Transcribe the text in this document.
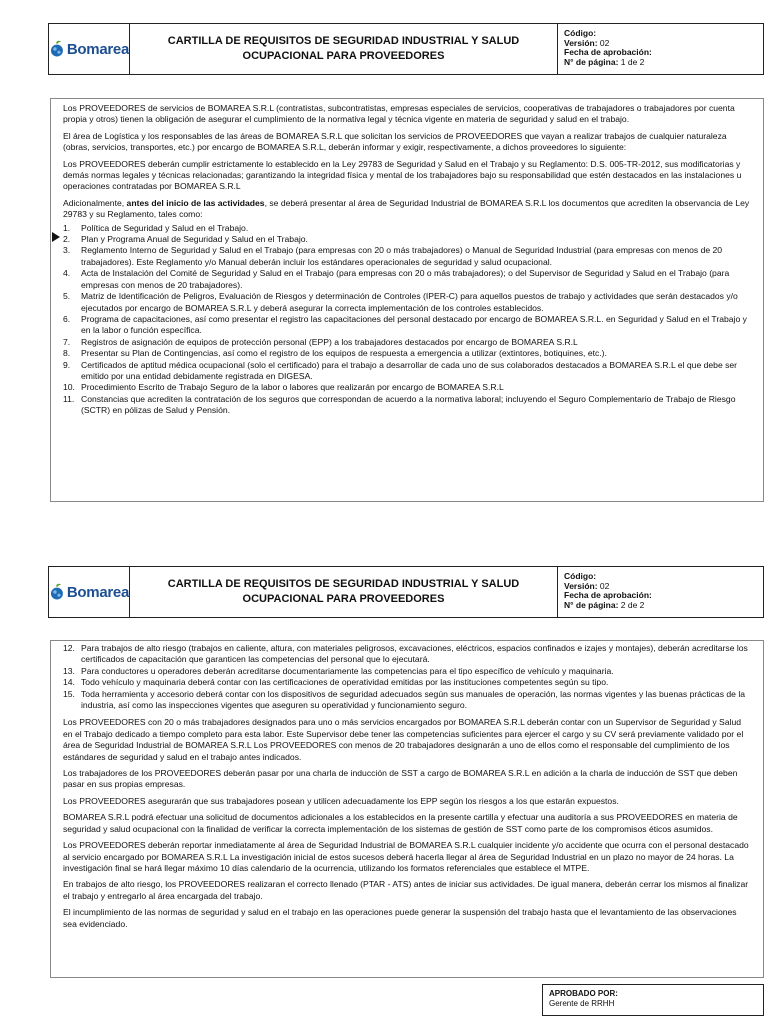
Bomarea	CARTILLA DE REQUISITOS DE SEGURIDAD INDUSTRIAL Y SALUD
OCUPACIONAL PARA PROVEEDORES
Código:
Versión: 02
Fecha de aprobación:
N° de página: 1 de 2

Los PROVEEDORES de servicios de BOMAREA S.R.L (contratistas, subcontratistas, empresas especiales de servicios, cooperativas de trabajadores o trabajadores por cuenta propia y otros) tienen la obligación de asegurar el cumplimiento de la normativa legal y técnica vigente en materia de seguridad y salud en el trabajo.

El área de Logística y los responsables de las áreas de BOMAREA S.R.L que solicitan los servicios de PROVEEDORES que vayan a realizar trabajos de cualquier naturaleza (obras, servicios, transportes, etc.) por encargo de BOMAREA S.R.L, deberán informar y exigir, respectivamente, a dichos proveedores lo siguiente:

Los PROVEEDORES deberán cumplir estrictamente lo establecido en la Ley 29783 de Seguridad y Salud en el Trabajo y su Reglamento: D.S. 005-TR-2012, sus modificatorias y demás normas legales y técnicas relacionadas; garantizando la integridad física y mental de los trabajadores bajo su responsabilidad que estén destacados en las instalaciones u operaciones contratadas por BOMAREA S.R.L

Adicionalmente, antes del inicio de las actividades, se deberá presentar al área de Seguridad Industrial de BOMAREA S.R.L los documentos que acrediten la observancia de Ley 29783 y su Reglamento, tales como:

1.	Política de Seguridad y Salud en el Trabajo.
2.	Plan y Programa Anual de Seguridad y Salud en el Trabajo.
3.	Reglamento Interno de Seguridad y Salud en el Trabajo (para empresas con 20 o más trabajadores) o Manual de Seguridad Industrial (para empresas con menos de 20 trabajadores). Este Reglamento y/o Manual deberán incluir los estándares operacionales de seguridad y salud ocupacional.
4.	Acta de Instalación del Comité de Seguridad y Salud en el Trabajo (para empresas con 20 o más trabajadores); o del Supervisor de Seguridad y Salud en el Trabajo (para empresas con menos de 20 trabajadores).
5.	Matriz de Identificación de Peligros, Evaluación de Riesgos y determinación de Controles (IPER-C) para aquellos puestos de trabajo y actividades que serán destacados y/o ejecutados por encargo de BOMAREA S.R.L y deberá asegurar la correcta implementación de los controles establecidos.
6.	Programa de capacitaciones, así como presentar el registro las capacitaciones del personal destacado por encargo de BOMAREA S.R.L. en Seguridad y Salud en el Trabajo y en la labor o función específica.
7.	Registros de asignación de equipos de protección personal (EPP) a los trabajadores destacados por encargo de BOMAREA S.R.L
8.	Presentar su Plan de Contingencias, así como el registro de los equipos de respuesta a emergencia a utilizar (extintores, botiquines, etc.).
9.	Certificados de aptitud médica ocupacional (solo el certificado) para el trabajo a desarrollar de cada uno de sus colaborados destacados a BOMAREA S.R.L el que debe ser emitido por una entidad debidamente registrada en DIGESA.
10. Procedimiento Escrito de Trabajo Seguro de la labor o labores que realizarán por encargo de BOMAREA S.R.L
11. Constancias que acrediten la contratación de los seguros que correspondan de acuerdo a la normativa laboral; incluyendo el Seguro Complementario de Trabajo de Riesgo (SCTR) en pólizas de Salud y Pensión.
Bomarea	CARTILLA DE REQUISITOS DE SEGURIDAD INDUSTRIAL Y SALUD
OCUPACIONAL PARA PROVEEDORES
Código:
Versión: 02
Fecha de aprobación:
N° de página: 2 de 2
12. Para trabajos de alto riesgo (trabajos en caliente, altura, con materiales peligrosos, excavaciones, eléctricos, espacios confinados e izajes y montajes), deberán acreditarse los certificados de capacitación que garanticen las competencias del personal que lo ejecutará.
13. Para conductores u operadores deberán acreditarse documentariamente las competencias para el tipo específico de vehículo y maquinaria.
14. Todo vehículo y maquinaria deberá contar con las certificaciones de operatividad emitidas por las instituciones competentes según su tipo.
15. Toda herramienta y accesorio deberá contar con los dispositivos de seguridad adecuados según sus manuales de operación, las normas vigentes y las buenas prácticas de la industria, así como las inspecciones vigentes que aseguren su operatividad y funcionamiento seguro.

Los PROVEEDORES con 20 o más trabajadores designados para uno o más servicios encargados por BOMAREA S.R.L deberán contar con un Supervisor de Seguridad y Salud en el Trabajo dedicado a tiempo completo para esta labor. Este Supervisor debe tener las competencias suficientes para ejercer el cargo y su CV será previamente validado por el área de Seguridad Industrial de BOMAREA S.R.L Los PROVEEDORES con menos de 20 trabajadores designarán a uno de ellos como el responsable del cumplimiento de los estándares de seguridad y salud en el trabajo antes indicados.

Los trabajadores de los PROVEEDORES deberán pasar por una charla de inducción de SST a cargo de BOMAREA S.R.L en adición a la charla de inducción de SST que deben pasar en sus propias empresas.

Los PROVEEDORES asegurarán que sus trabajadores posean y utilicen adecuadamente los EPP según los riesgos a los que estarán expuestos.

BOMAREA S.R.L podrá efectuar una solicitud de documentos adicionales a los establecidos en la presente cartilla y efectuar una auditoría a sus PROVEEDORES en materia de seguridad y salud ocupacional con la finalidad de verificar la correcta implementación de los sistemas de gestión de SST como parte de los compromisos éticos asumidos.

Los PROVEEDORES deberán reportar inmediatamente al área de Seguridad Industrial de BOMAREA S.R.L cualquier incidente y/o accidente que ocurra con el personal destacado al servicio encargado por BOMAREA S.R.L La investigación inicial de estos sucesos deberá hacerla llegar al área de Seguridad Industrial en un plazo no mayor de 24 horas. La investigación final se hará llegar máximo 10 días calendario de la ocurrencia, utilizando los formatos referenciales que establece el MTPE.

En trabajos de alto riesgo, los PROVEEDORES realizaran el correcto llenado (PTAR - ATS) antes de iniciar sus actividades. De igual manera, deberán cerrar los mismos al finalizar el trabajo y entregarlo al área encargada del trabajo.

El incumplimiento de las normas de seguridad y salud en el trabajo en las operaciones puede generar la suspensión del trabajo hasta que el levantamiento de las observaciones sea evidenciado.

APROBADO POR:
Gerente de RRHH
